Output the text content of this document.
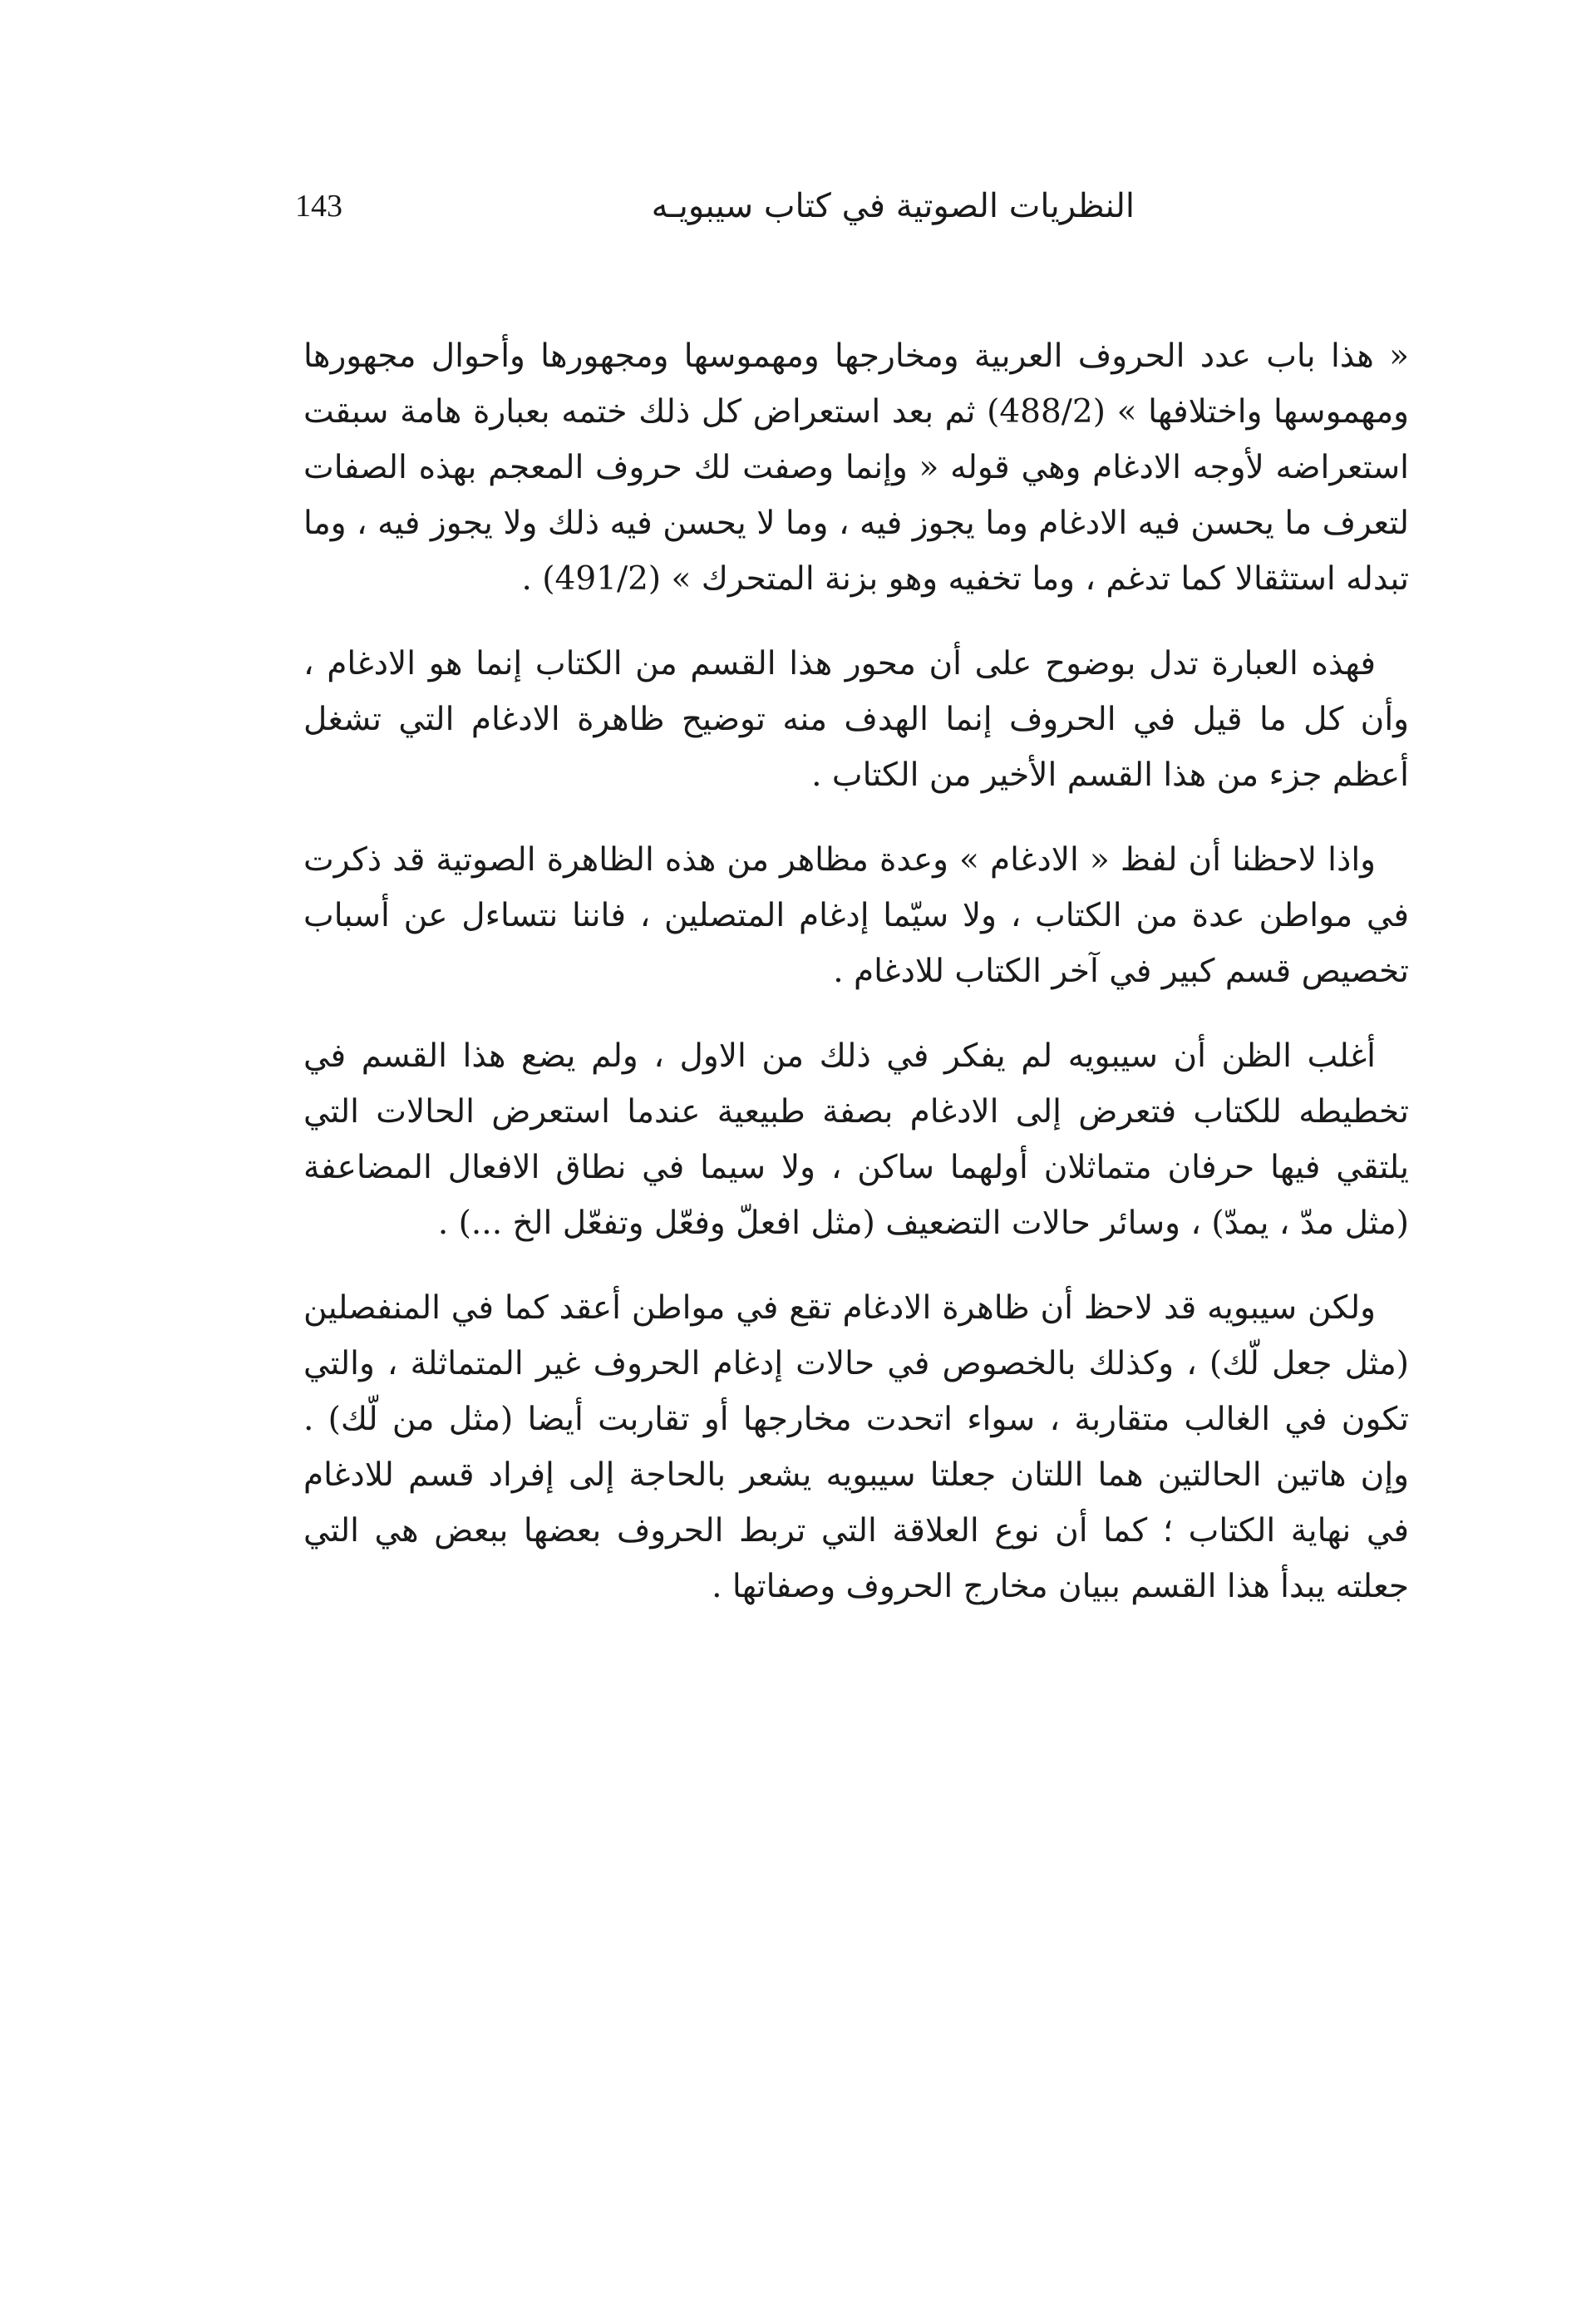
143	النظريات الصوتية في كتاب سيبويـه

« هذا باب عدد الحروف العربية ومخارجها ومهموسها ومجهورها وأحوال مجهورها ومهموسها واختلافها » (488/2) ثم بعد استعراض كل ذلك ختمه بعبارة هامة سبقت استعراضه لأوجه الادغام وهي قوله « وإنما وصفت لك حروف المعجم بهذه الصفات لتعرف ما يحسن فيه الادغام وما يجوز فيه ، وما لا يحسن فيه ذلك ولا يجوز فيه ، وما تبدله استثقالا كما تدغم ، وما تخفيه وهو بزنة المتحرك » (491/2) .

فهذه العبارة تدل بوضوح على أن محور هذا القسم من الكتاب إنما هو الادغام ، وأن كل ما قيل في الحروف إنما الهدف منه توضيح ظاهرة الادغام التي تشغل أعظم جزء من هذا القسم الأخير من الكتاب .

واذا لاحظنا أن لفظ « الادغام » وعدة مظاهر من هذه الظاهرة الصوتية قد ذكرت في مواطن عدة من الكتاب ، ولا سيّما إدغام المتصلين ، فاننا نتساءل عن أسباب تخصيص قسم كبير في آخر الكتاب للادغام .

أغلب الظن أن سيبويه لم يفكر في ذلك من الاول ، ولم يضع هذا القسم في تخطيطه للكتاب فتعرض إلى الادغام بصفة طبيعية عندما استعرض الحالات التي يلتقي فيها حرفان متماثلان أولهما ساكن ، ولا سيما في نطاق الافعال المضاعفة (مثل مدّ ، يمدّ) ، وسائر حالات التضعيف (مثل افعلّ وفعّل وتفعّل الخ ...) .

ولكن سيبويه قد لاحظ أن ظاهرة الادغام تقع في مواطن أعقد كما في المنفصلين (مثل جعل لّك) ، وكذلك بالخصوص في حالات إدغام الحروف غير المتماثلة ، والتي تكون في الغالب متقاربة ، سواء اتحدت مخارجها أو تقاربت أيضا (مثل من لّك) . وإن هاتين الحالتين هما اللتان جعلتا سيبويه يشعر بالحاجة إلى إفراد قسم للادغام في نهاية الكتاب ؛ كما أن نوع العلاقة التي تربط الحروف بعضها ببعض هي التي جعلته يبدأ هذا القسم ببيان مخارج الحروف وصفاتها .
